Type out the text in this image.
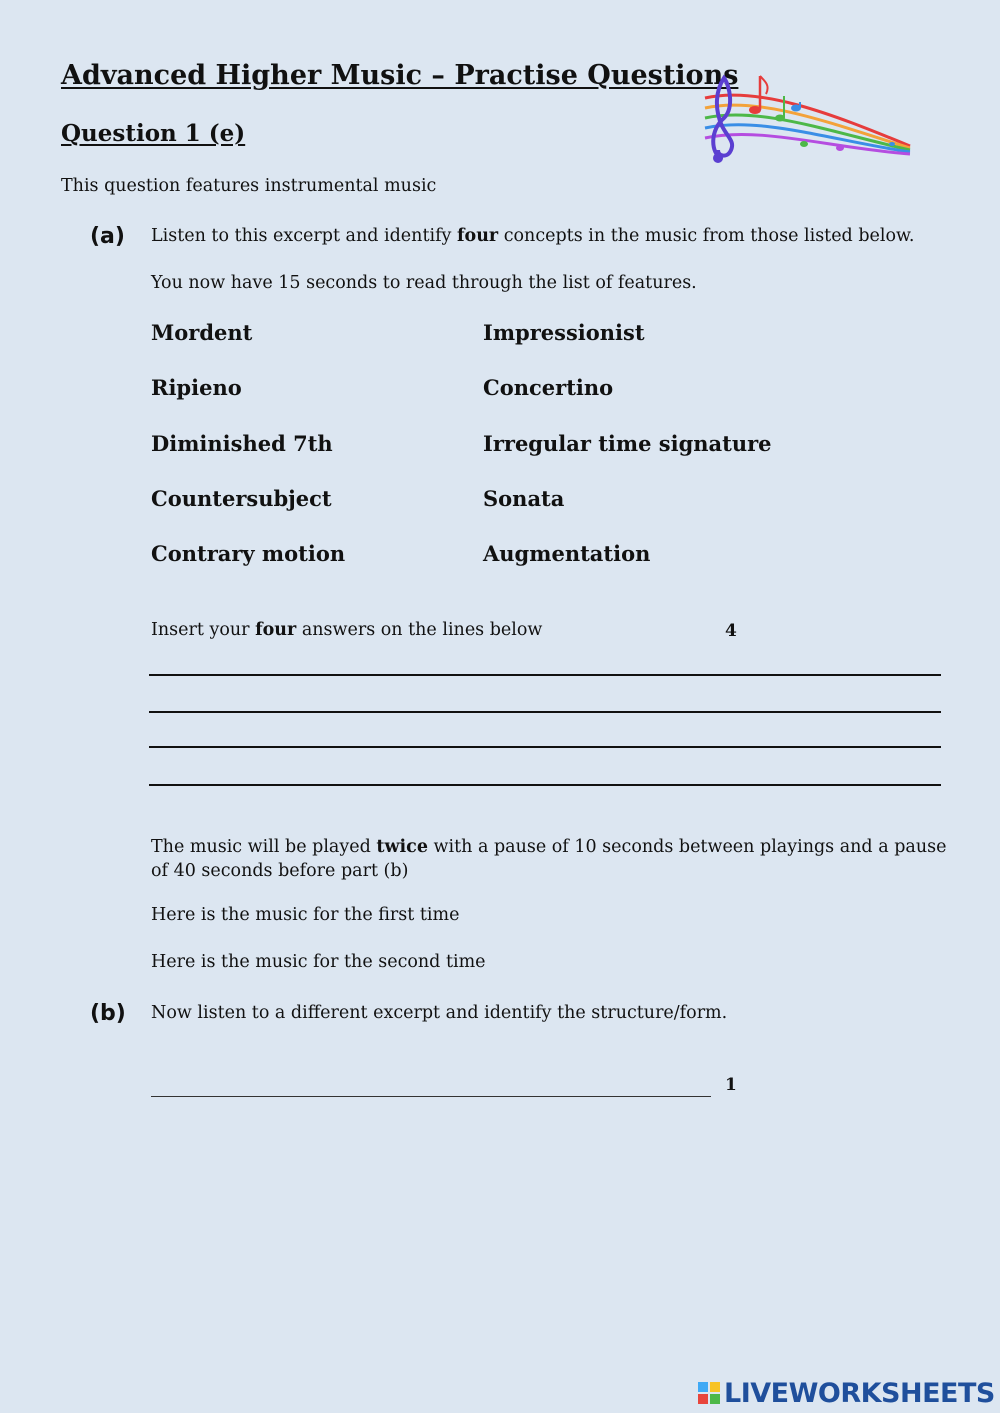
Advanced Higher Music – Practise Questions
Question 1 (e)
This question features instrumental music
(a) Listen to this excerpt and identify four concepts in the music from those listed below.
You now have 15 seconds to read through the list of features.
Mordent
Ripieno
Diminished 7th
Countersubject
Contrary motion
Impressionist
Concertino
Irregular time signature
Sonata
Augmentation
Insert your four answers on the lines below	4
The music will be played twice with a pause of 10 seconds between playings and a pause of 40 seconds before part (b)
Here is the music for the first time
Here is the music for the second time
(b) Now listen to a different excerpt and identify the structure/form.
1
LIVEWORKSHEETS
